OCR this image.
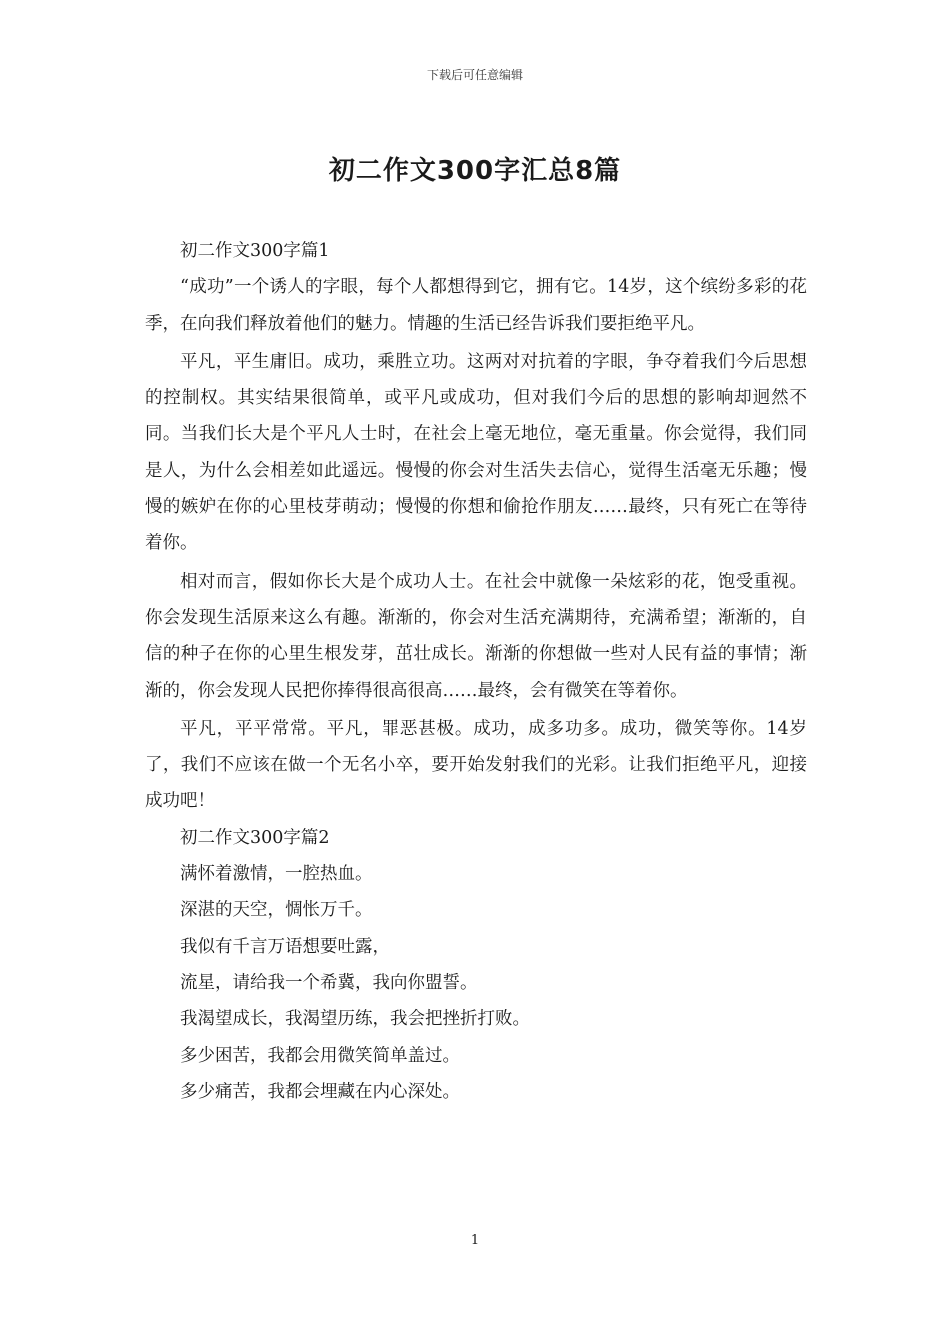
下载后可任意编辑
初二作文300字汇总8篇

初二作文300字篇1

“成功”一个诱人的字眼，每个人都想得到它，拥有它。14岁，这个缤纷多彩的花季，在向我们释放着他们的魅力。情趣的生活已经告诉我们要拒绝平凡。

平凡，平生庸旧。成功，乘胜立功。这两对对抗着的字眼，争夺着我们今后思想的控制权。其实结果很简单，或平凡或成功，但对我们今后的思想的影响却迥然不同。当我们长大是个平凡人士时，在社会上毫无地位，毫无重量。你会觉得，我们同是人，为什么会相差如此遥远。慢慢的你会对生活失去信心，觉得生活毫无乐趣；慢慢的嫉妒在你的心里枝芽萌动；慢慢的你想和偷抢作朋友……最终，只有死亡在等待着你。

相对而言，假如你长大是个成功人士。在社会中就像一朵炫彩的花，饱受重视。你会发现生活原来这么有趣。渐渐的，你会对生活充满期待，充满希望；渐渐的，自信的种子在你的心里生根发芽，茁壮成长。渐渐的你想做一些对人民有益的事情；渐渐的，你会发现人民把你捧得很高很高……最终，会有微笑在等着你。

平凡，平平常常。平凡，罪恶甚极。成功，成多功多。成功，微笑等你。14岁了，我们不应该在做一个无名小卒，要开始发射我们的光彩。让我们拒绝平凡，迎接成功吧！

初二作文300字篇2

满怀着激情，一腔热血。

深湛的天空，惆怅万千。

我似有千言万语想要吐露，

流星，请给我一个希冀，我向你盟誓。

我渴望成长，我渴望历练，我会把挫折打败。

多少困苦，我都会用微笑简单盖过。

多少痛苦，我都会埋藏在内心深处。

1
